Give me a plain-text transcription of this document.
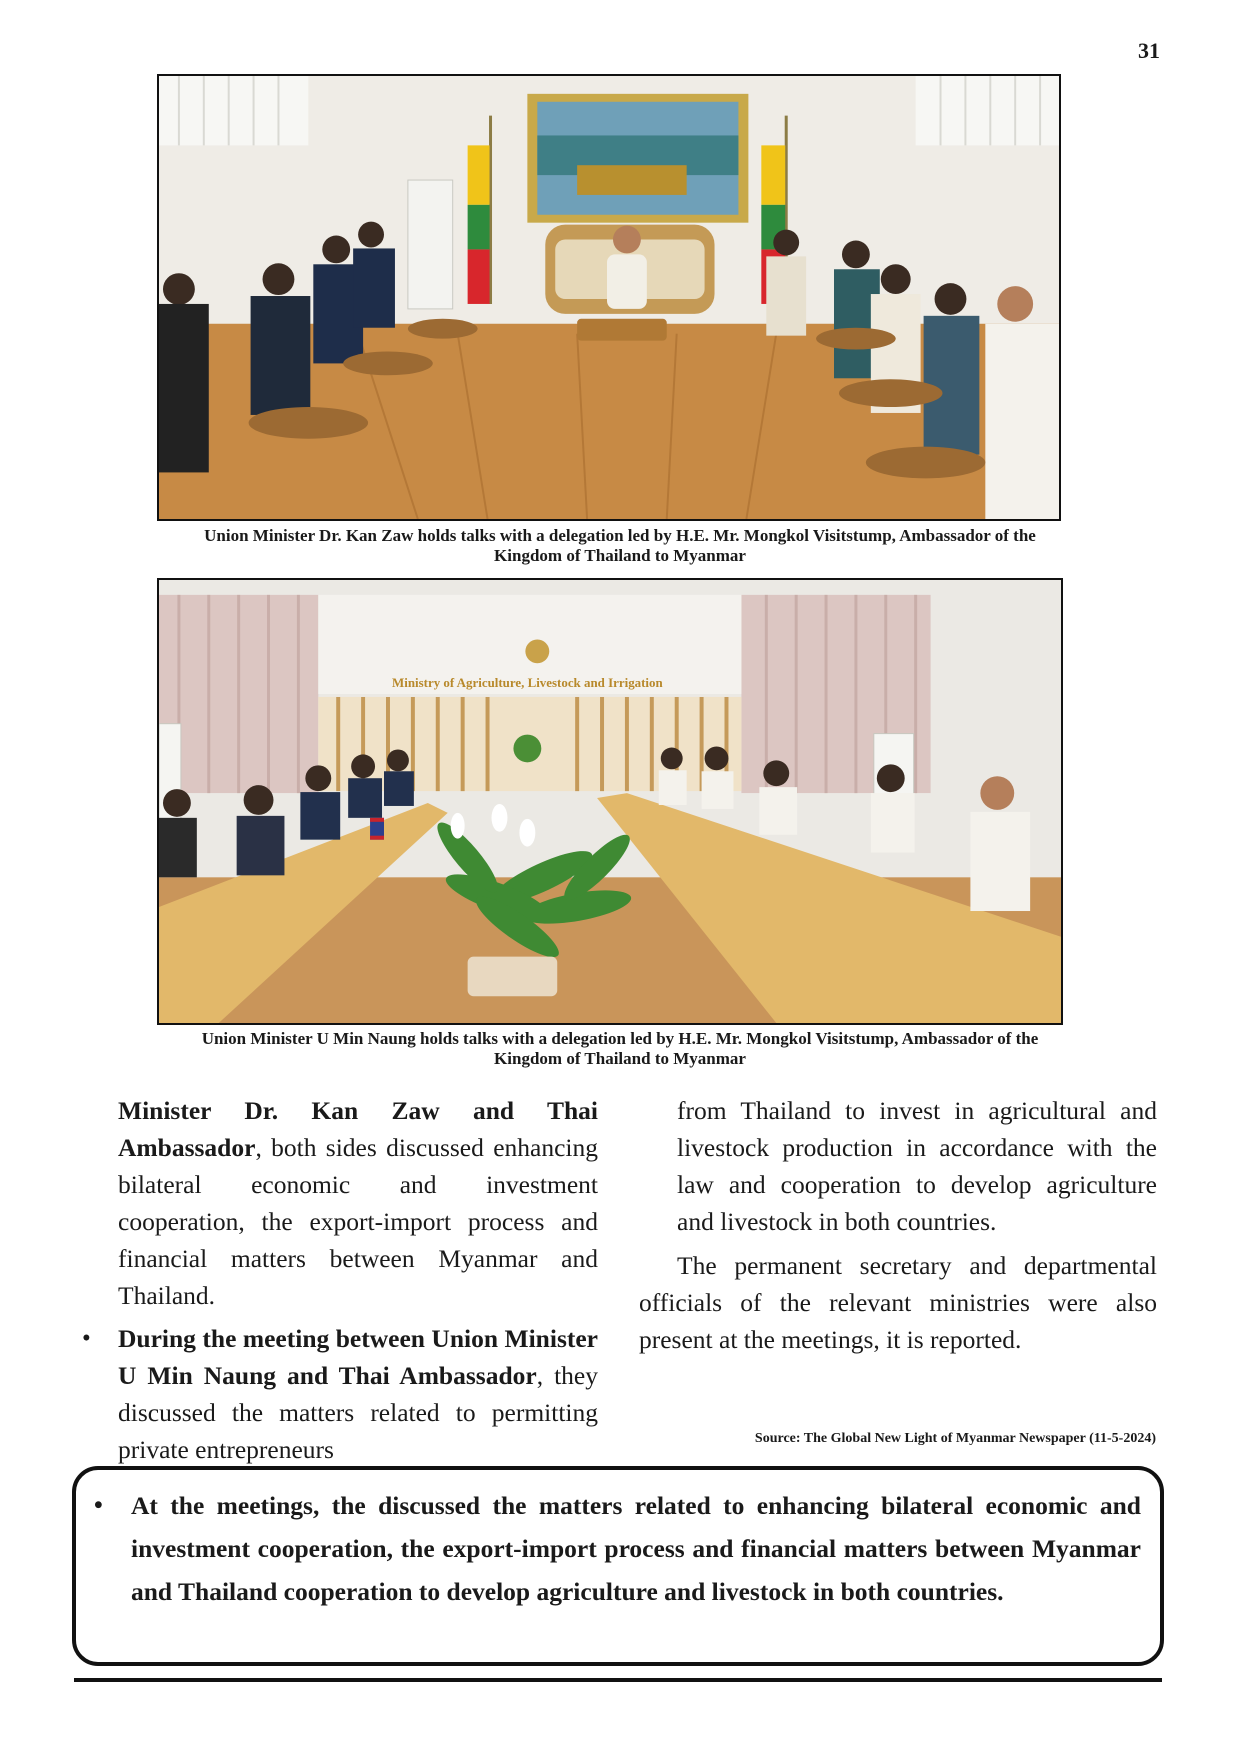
31
Union Minister Dr. Kan Zaw holds talks with a delegation led by H.E. Mr. Mongkol Visitstump, Ambassador of the
Kingdom of Thailand to Myanmar
Ministry of Agriculture, Livestock and Irrigation
Union Minister U Min Naung holds talks with a delegation led by H.E. Mr. Mongkol Visitstump, Ambassador of the
Kingdom of Thailand to Myanmar

Minister Dr. Kan Zaw and Thai Ambassador, both sides discussed enhancing bilateral economic and investment cooperation, the export-import process and financial matters between Myanmar and Thailand.

• During the meeting between Union Minister U Min Naung and Thai Ambassador, they discussed the matters related to permitting private entrepreneurs

from Thailand to invest in agricultural and livestock production in accordance with the law and cooperation to develop agriculture and livestock in both countries.

The permanent secretary and departmental officials of the relevant ministries were also present at the meetings, it is reported.

Source: The Global New Light of Myanmar Newspaper (11-5-2024)
• At the meetings, the discussed the matters related to enhancing bilateral economic and investment cooperation, the export-import process and financial matters between Myanmar and Thailand cooperation to develop agriculture and livestock in both countries.
